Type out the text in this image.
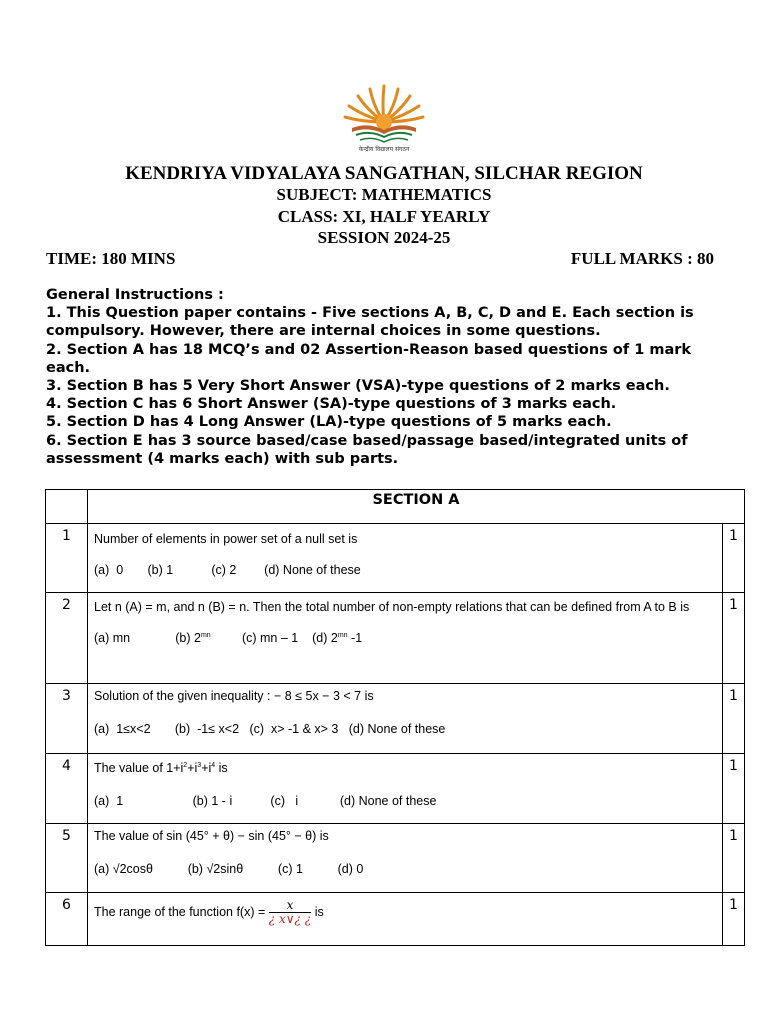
केन्द्रीय विद्यालय संगठन
KENDRIYA VIDYALAYA SANGATHAN, SILCHAR REGION
SUBJECT: MATHEMATICS
CLASS: XI, HALF YEARLY
SESSION 2024-25
TIME: 180 MINS	FULL MARKS : 80
General Instructions :
1. This Question paper contains - Five sections A, B, C, D and E. Each section is compulsory. However, there are internal choices in some questions.
2. Section A has 18 MCQ’s and 02 Assertion-Reason based questions of 1 mark each.
3. Section B has 5 Very Short Answer (VSA)-type questions of 2 marks each.
4. Section C has 6 Short Answer (SA)-type questions of 3 marks each.
5. Section D has 4 Long Answer (LA)-type questions of 5 marks each.
6. Section E has 3 source based/case based/passage based/integrated units of assessment (4 marks each) with sub parts.
	SECTION A	
1	Number of elements in power set of a null set is
(a)  0       (b) 1           (c) 2        (d) None of these	1
2	Let n (A) = m, and n (B) = n. Then the total number of non-empty relations that can be defined from A to B is
(a) mn             (b) $2^{mn}$         (c) mn – 1    (d) $2^{mn}$ -1	1
3	Solution of the given inequality : − 8 ≤ 5x − 3 < 7 is
(a)  1≤x<2       (b)  -1≤ x<2   (c)  x> -1 & x> 3   (d) None of these	1
4	The value of $1+i^2+i^3+i^4$ is
(a)  1                    (b) 1 - i           (c)   i            (d) None of these	1
5	The value of sin (45° + θ) − sin (45° − θ) is
(a) √2cosθ          (b) √2sinθ          (c) 1          (d) 0	1
6	The range of the function $f(x) = \frac{x}{¿ x\vee¿ ¿}$ is	1
